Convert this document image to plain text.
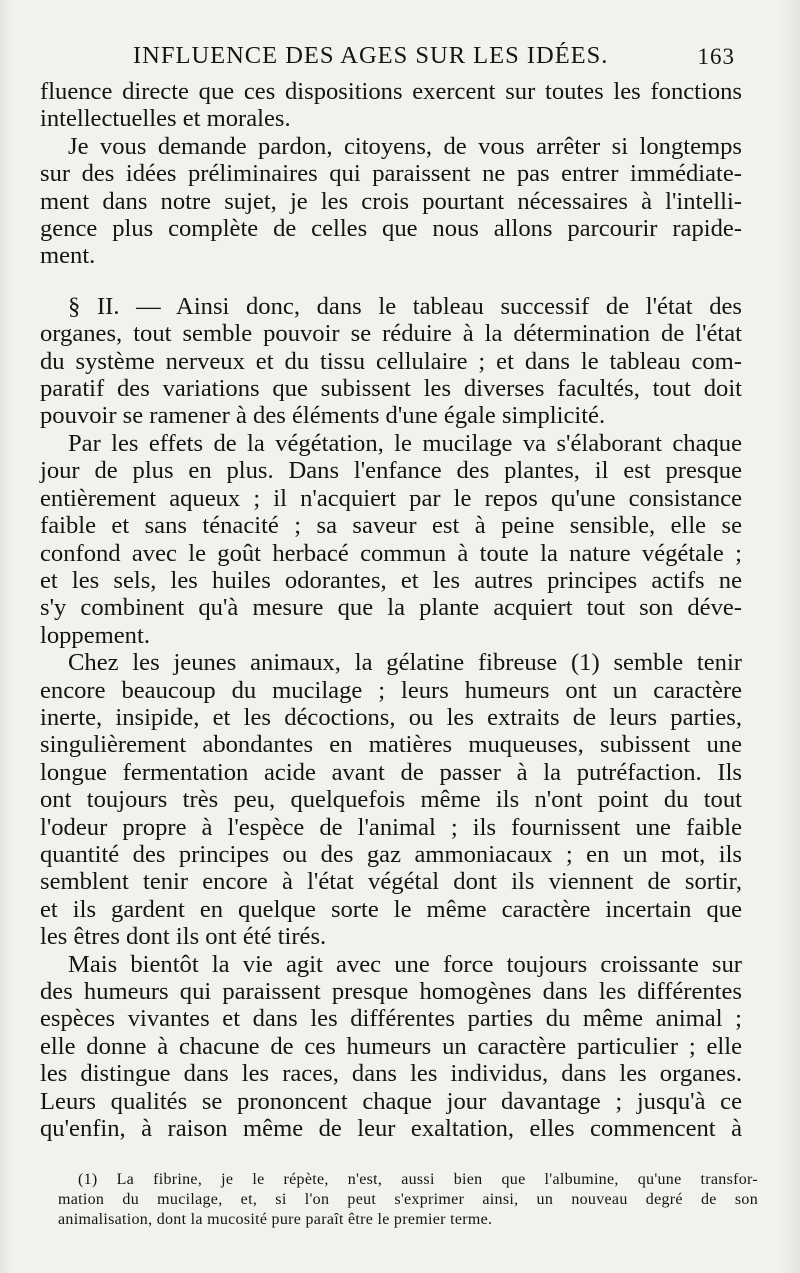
INFLUENCE DES AGES SUR LES IDÉES.	163

fluence directe que ces dispositions exercent sur toutes les fonctions
intellectuelles et morales.

Je vous demande pardon, citoyens, de vous arrêter si longtemps
sur des idées préliminaires qui paraissent ne pas entrer immédiate-
ment dans notre sujet, je les crois pourtant nécessaires à l'intelli-
gence plus complète de celles que nous allons parcourir rapide-
ment.

§ II. — Ainsi donc, dans le tableau successif de l'état des
organes, tout semble pouvoir se réduire à la détermination de l'état
du système nerveux et du tissu cellulaire ; et dans le tableau com-
paratif des variations que subissent les diverses facultés, tout doit
pouvoir se ramener à des éléments d'une égale simplicité.

Par les effets de la végétation, le mucilage va s'élaborant chaque
jour de plus en plus. Dans l'enfance des plantes, il est presque
entièrement aqueux ; il n'acquiert par le repos qu'une consistance
faible et sans ténacité ; sa saveur est à peine sensible, elle se
confond avec le goût herbacé commun à toute la nature végétale ;
et les sels, les huiles odorantes, et les autres principes actifs ne
s'y combinent qu'à mesure que la plante acquiert tout son déve-
loppement.

Chez les jeunes animaux, la gélatine fibreuse (1) semble tenir
encore beaucoup du mucilage ; leurs humeurs ont un caractère
inerte, insipide, et les décoctions, ou les extraits de leurs parties,
singulièrement abondantes en matières muqueuses, subissent une
longue fermentation acide avant de passer à la putréfaction. Ils
ont toujours très peu, quelquefois même ils n'ont point du tout
l'odeur propre à l'espèce de l'animal ; ils fournissent une faible
quantité des principes ou des gaz ammoniacaux ; en un mot, ils
semblent tenir encore à l'état végétal dont ils viennent de sortir,
et ils gardent en quelque sorte le même caractère incertain que
les êtres dont ils ont été tirés.

Mais bientôt la vie agit avec une force toujours croissante sur
des humeurs qui paraissent presque homogènes dans les différentes
espèces vivantes et dans les différentes parties du même animal ;
elle donne à chacune de ces humeurs un caractère particulier ; elle
les distingue dans les races, dans les individus, dans les organes.
Leurs qualités se prononcent chaque jour davantage ; jusqu'à ce
qu'enfin, à raison même de leur exaltation, elles commencent à

(1) La fibrine, je le répète, n'est, aussi bien que l'albumine, qu'une transfor-
mation du mucilage, et, si l'on peut s'exprimer ainsi, un nouveau degré de son
animalisation, dont la mucosité pure paraît être le premier terme.
